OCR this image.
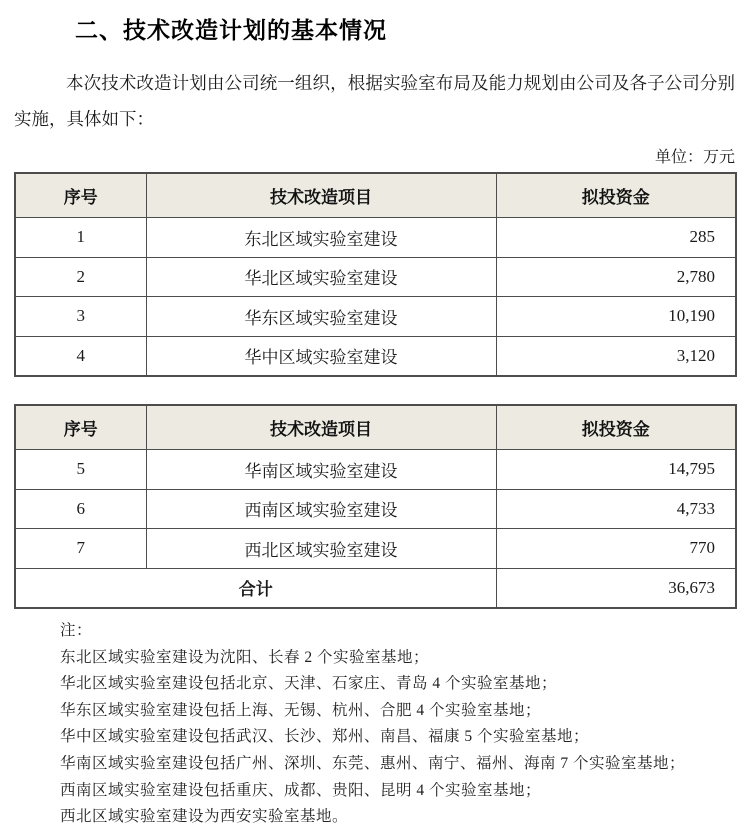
二、技术改造计划的基本情况

本次技术改造计划由公司统一组织，根据实验室布局及能力规划由公司及各子公司分别实施，具体如下：

单位：万元
序号	技术改造项目	拟投资金
1	东北区域实验室建设	285
2	华北区域实验室建设	2,780
3	华东区域实验室建设	10,190
4	华中区域实验室建设	3,120
序号	技术改造项目	拟投资金
5	华南区域实验室建设	14,795
6	西南区域实验室建设	4,733
7	西北区域实验室建设	770
合计		36,673
注：
东北区域实验室建设为沈阳、长春 2 个实验室基地；
华北区域实验室建设包括北京、天津、石家庄、青岛 4 个实验室基地；
华东区域实验室建设包括上海、无锡、杭州、合肥 4 个实验室基地；
华中区域实验室建设包括武汉、长沙、郑州、南昌、福康 5 个实验室基地；
华南区域实验室建设包括广州、深圳、东莞、惠州、南宁、福州、海南 7 个实验室基地；
西南区域实验室建设包括重庆、成都、贵阳、昆明 4 个实验室基地；
西北区域实验室建设为西安实验室基地。
